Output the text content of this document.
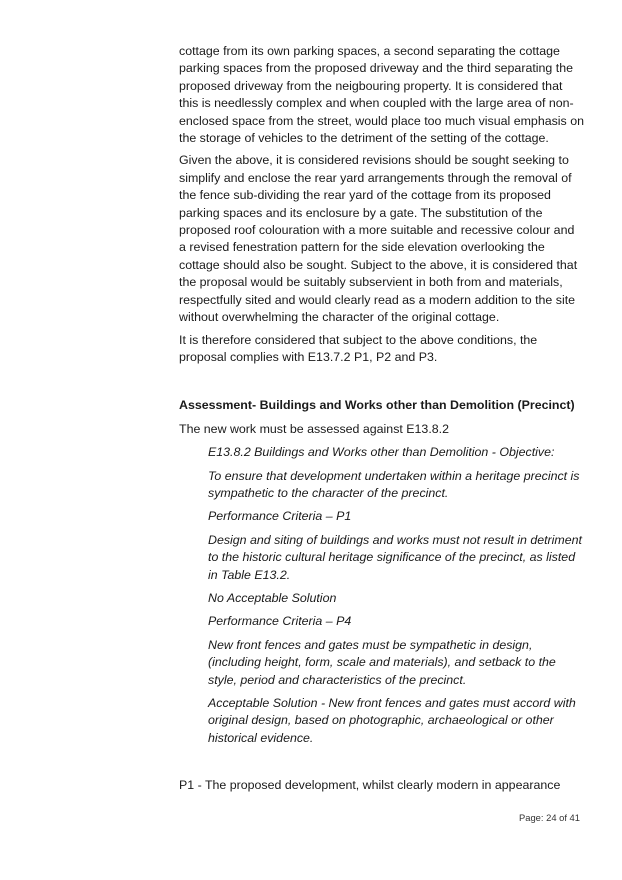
cottage from its own parking spaces, a second separating the cottage parking spaces from the proposed driveway and the third separating the proposed driveway from the neigbouring property. It is considered that this is needlessly complex and when coupled with the large area of non-enclosed space from the street, would place too much visual emphasis on the storage of vehicles to the detriment of the setting of the cottage.

Given the above, it is considered revisions should be sought seeking to simplify and enclose the rear yard arrangements through the removal of the fence sub-dividing the rear yard of the cottage from its proposed parking spaces and its enclosure by a gate. The substitution of the proposed roof colouration with a more suitable and recessive colour and a revised fenestration pattern for the side elevation overlooking the cottage should also be sought. Subject to the above, it is considered that the proposal would be suitably subservient in both from and materials, respectfully sited and would clearly read as a modern addition to the site without overwhelming the character of the original cottage.

It is therefore considered that subject to the above conditions, the proposal complies with E13.7.2 P1, P2 and P3.

Assessment- Buildings and Works other than Demolition (Precinct)

The new work must be assessed against E13.8.2

E13.8.2 Buildings and Works other than Demolition - Objective:

To ensure that development undertaken within a heritage precinct is sympathetic to the character of the precinct.

Performance Criteria – P1

Design and siting of buildings and works must not result in detriment to the historic cultural heritage significance of the precinct, as listed in Table E13.2.

No Acceptable Solution

Performance Criteria – P4

New front fences and gates must be sympathetic in design, (including height, form, scale and materials), and setback to the style, period and characteristics of the precinct.

Acceptable Solution - New front fences and gates must accord with original design, based on photographic, archaeological or other historical evidence.

P1 - The proposed development, whilst clearly modern in appearance

Page: 24 of 41
